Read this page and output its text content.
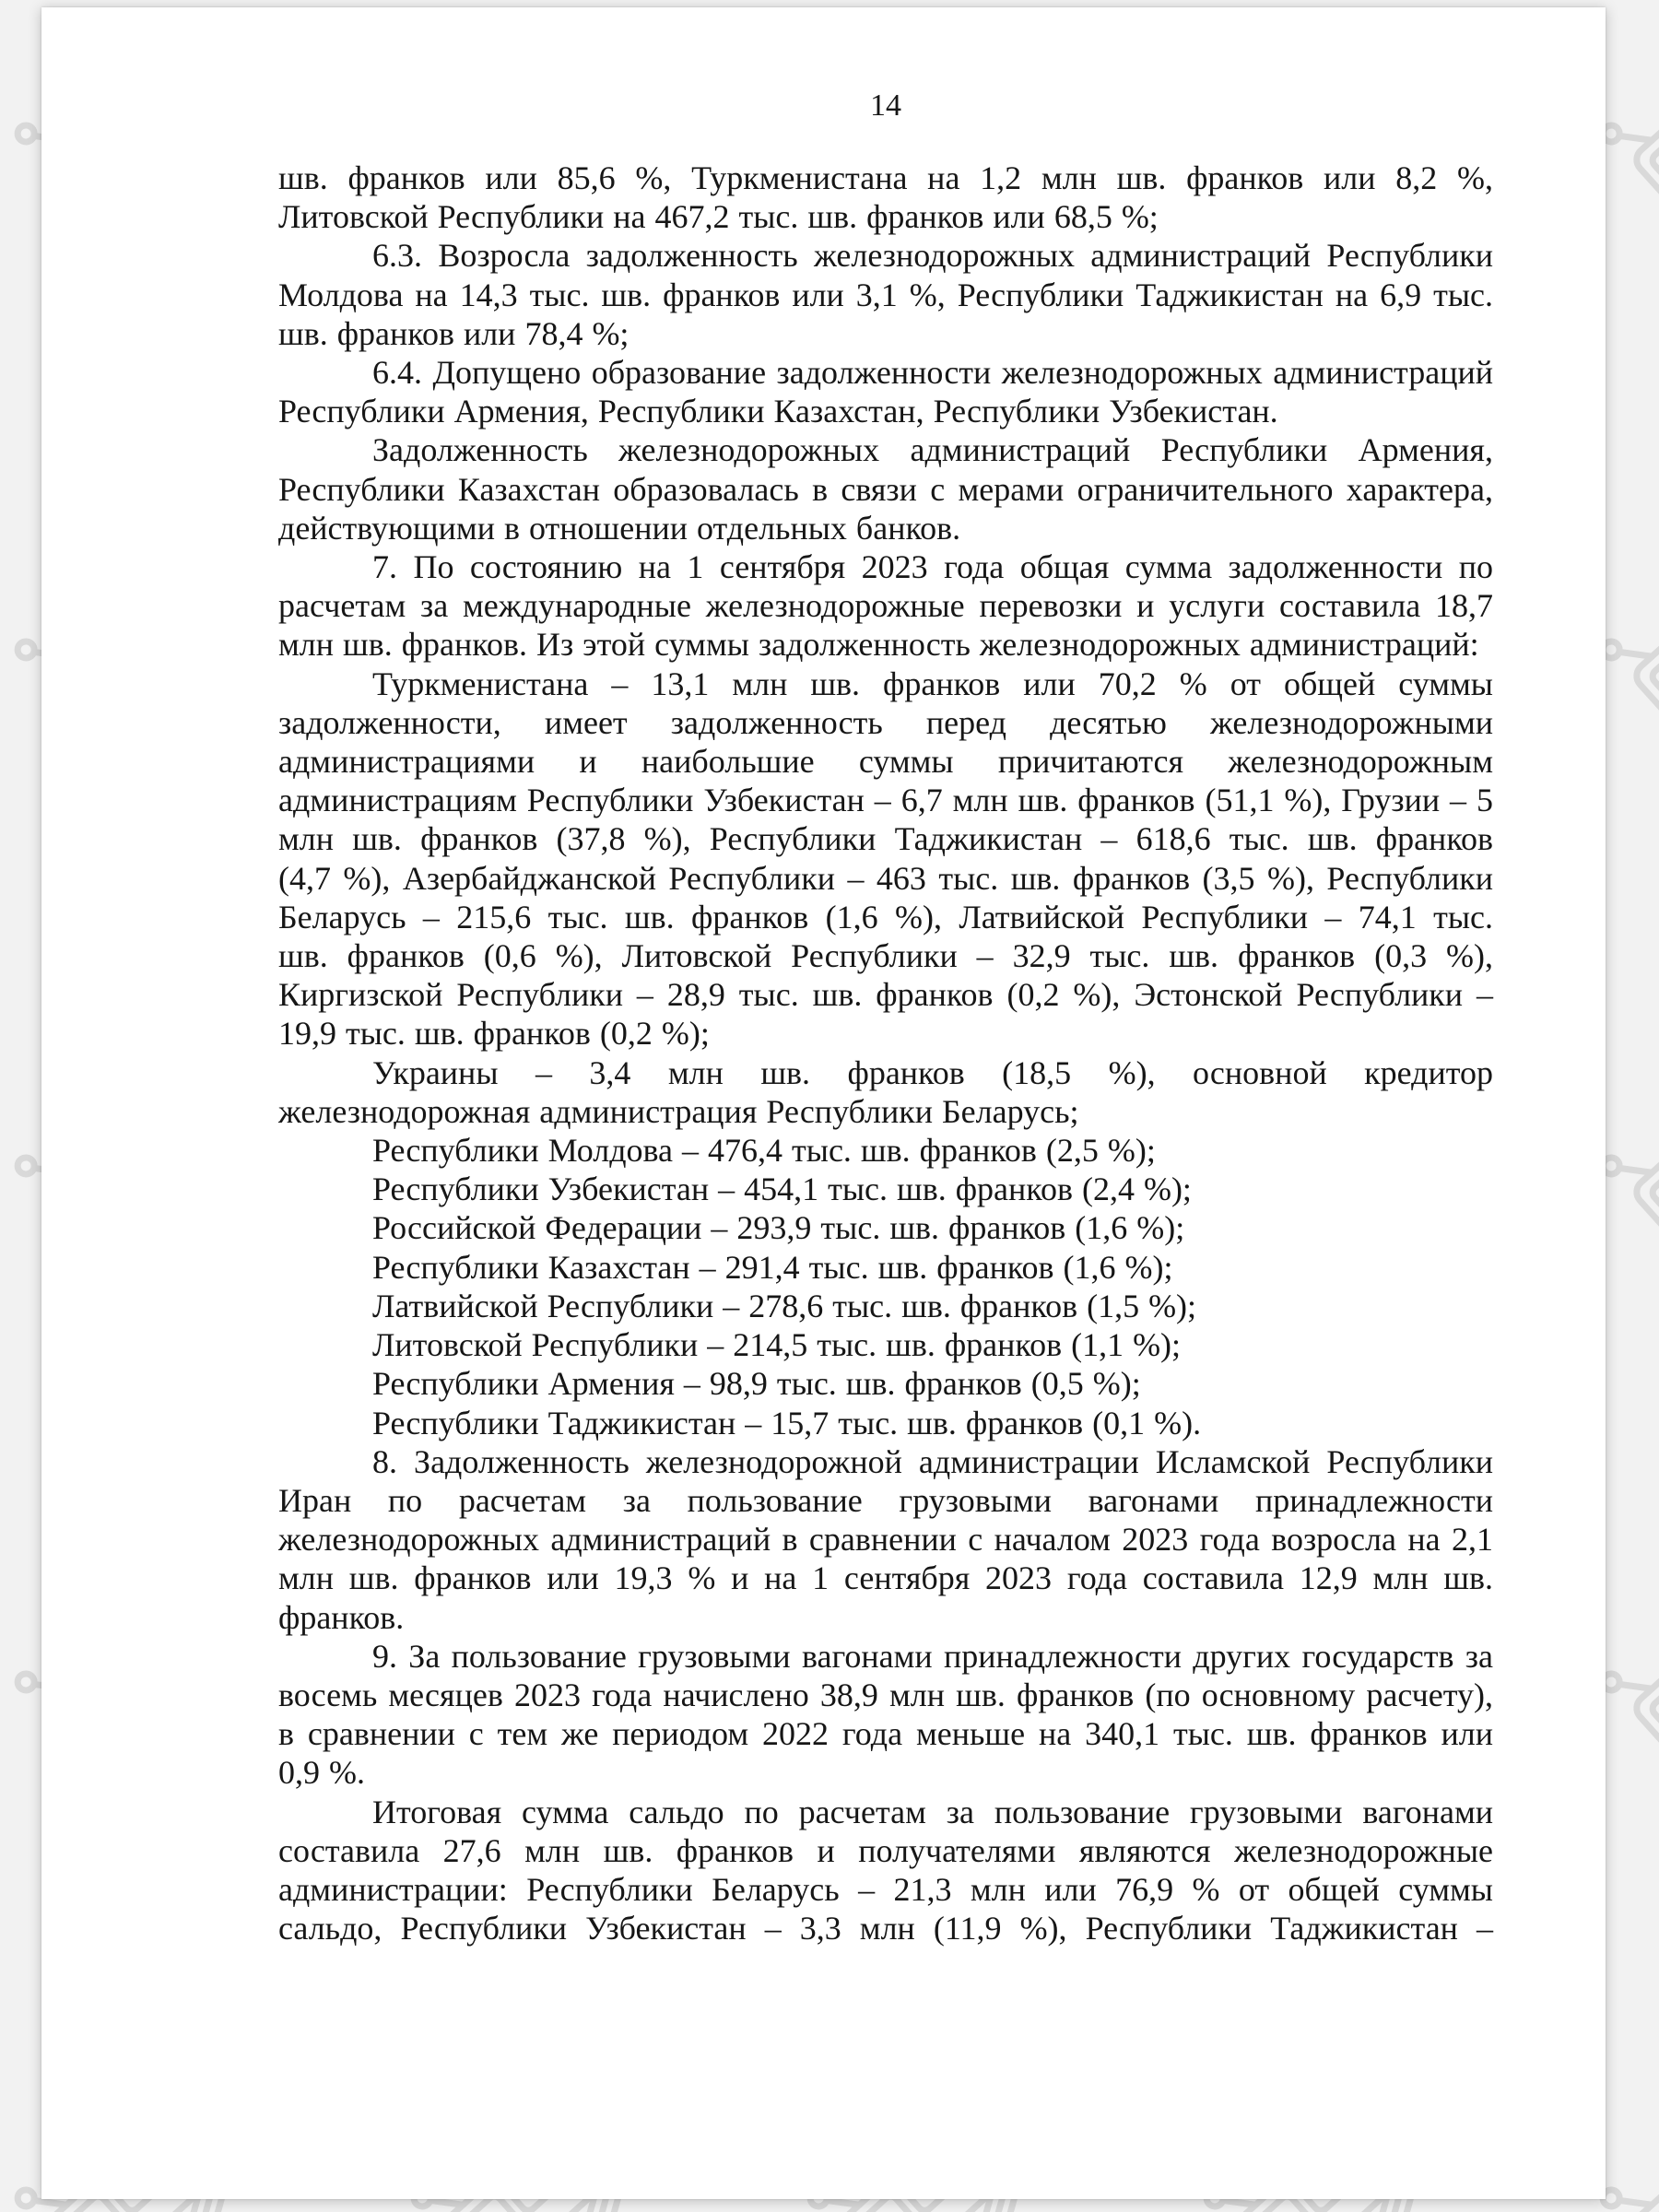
14

шв. франков или 85,6 %, Туркменистана на 1,2 млн шв. франков или 8,2 %, Литовской Республики на 467,2 тыс. шв. франков или 68,5 %;

6.3. Возросла задолженность железнодорожных администраций Республики Молдова на 14,3 тыс. шв. франков или 3,1 %, Республики Таджикистан на 6,9 тыс. шв. франков или 78,4 %;

6.4. Допущено образование задолженности железнодорожных администраций Республики Армения, Республики Казахстан, Республики Узбекистан.

Задолженность железнодорожных администраций Республики Армения, Республики Казахстан образовалась в связи с мерами ограничительного характера, действующими в отношении отдельных банков.

7. По состоянию на 1 сентября 2023 года общая сумма задолженности по расчетам за международные железнодорожные перевозки и услуги составила 18,7 млн шв. франков. Из этой суммы задолженность железнодорожных администраций:

Туркменистана – 13,1 млн шв. франков или 70,2 % от общей суммы задолженности, имеет задолженность перед десятью железнодорожными администрациями и наибольшие суммы причитаются железнодорожным администрациям Республики Узбекистан – 6,7 млн шв. франков (51,1 %), Грузии – 5 млн шв. франков (37,8 %), Республики Таджикистан – 618,6 тыс. шв. франков (4,7 %), Азербайджанской Республики – 463 тыс. шв. франков (3,5 %), Республики Беларусь – 215,6 тыс. шв. франков (1,6 %), Латвийской Республики – 74,1 тыс. шв. франков (0,6 %), Литовской Республики – 32,9 тыс. шв. франков (0,3 %), Киргизской Республики – 28,9 тыс. шв. франков (0,2 %), Эстонской Республики – 19,9 тыс. шв. франков (0,2 %);

Украины – 3,4 млн шв. франков (18,5 %), основной кредитор железнодорожная администрация Республики Беларусь;

Республики Молдова – 476,4 тыс. шв. франков (2,5 %);

Республики Узбекистан – 454,1 тыс. шв. франков (2,4 %);

Российской Федерации – 293,9 тыс. шв. франков (1,6 %);

Республики Казахстан – 291,4 тыс. шв. франков (1,6 %);

Латвийской Республики – 278,6 тыс. шв. франков (1,5 %);

Литовской Республики – 214,5 тыс. шв. франков (1,1 %);

Республики Армения – 98,9 тыс. шв. франков (0,5 %);

Республики Таджикистан – 15,7 тыс. шв. франков (0,1 %).

8. Задолженность железнодорожной администрации Исламской Республики Иран по расчетам за пользование грузовыми вагонами принадлежности железнодорожных администраций в сравнении с началом 2023 года возросла на 2,1 млн шв. франков или 19,3 % и на 1 сентября 2023 года составила 12,9 млн шв. франков.

9. За пользование грузовыми вагонами принадлежности других государств за восемь месяцев 2023 года начислено 38,9 млн шв. франков (по основному расчету), в сравнении с тем же периодом 2022 года меньше на 340,1 тыс. шв. франков или 0,9 %.

Итоговая сумма сальдо по расчетам за пользование грузовыми вагонами составила 27,6 млн шв. франков и получателями являются железнодорожные администрации: Республики Беларусь – 21,3 млн или 76,9 % от общей суммы сальдо, Республики Узбекистан – 3,3 млн (11,9 %), Республики Таджикистан –
